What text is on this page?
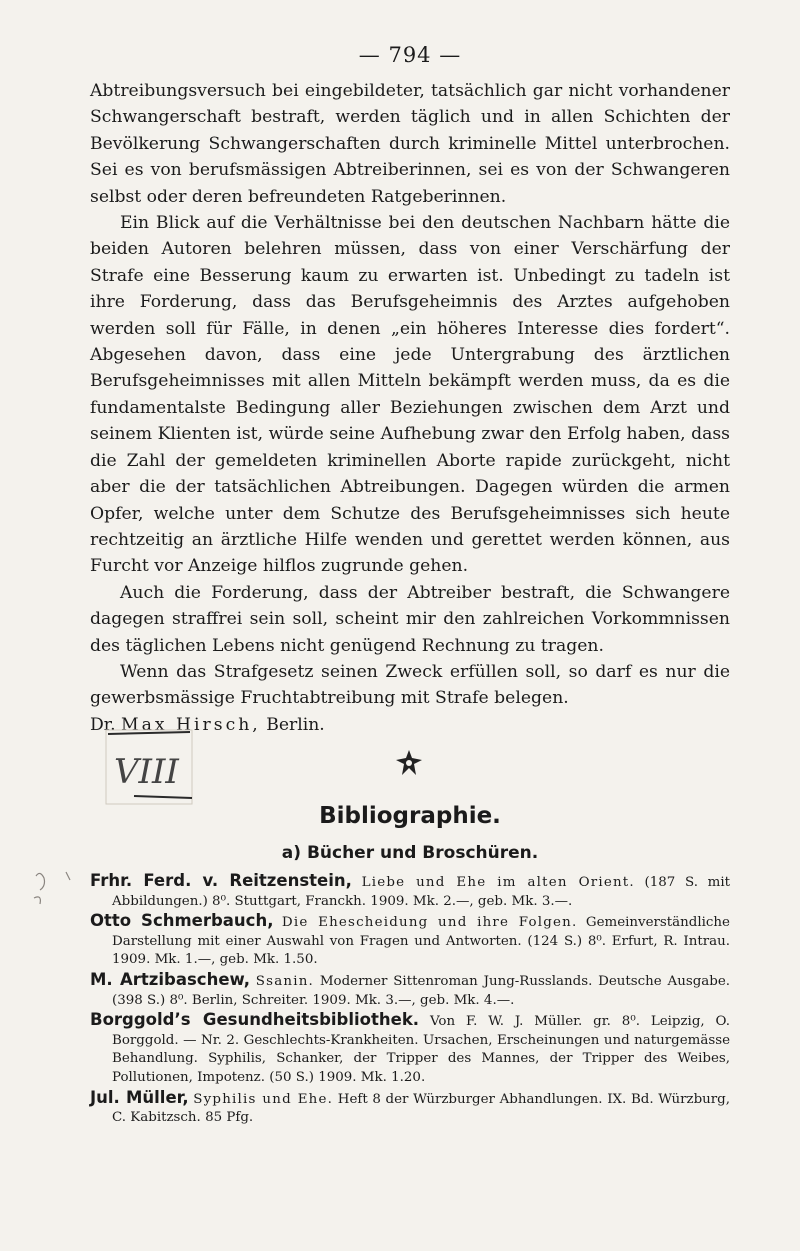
— 794 —

Abtreibungsversuch bei eingebildeter, tatsächlich gar nicht vorhandener Schwangerschaft bestraft, werden täglich und in allen Schichten der Bevölkerung Schwangerschaften durch kriminelle Mittel unterbrochen. Sei es von berufsmässigen Abtreiberinnen, sei es von der Schwangeren selbst oder deren befreundeten Ratgeberinnen.

Ein Blick auf die Verhältnisse bei den deutschen Nachbarn hätte die beiden Autoren belehren müssen, dass von einer Verschärfung der Strafe eine Besserung kaum zu erwarten ist. Unbedingt zu tadeln ist ihre Forderung, dass das Berufsgeheimnis des Arztes aufgehoben werden soll für Fälle, in denen „ein höheres Interesse dies fordert“. Abgesehen davon, dass eine jede Untergrabung des ärztlichen Berufsgeheimnisses mit allen Mitteln bekämpft werden muss, da es die fundamentalste Bedingung aller Beziehungen zwischen dem Arzt und seinem Klienten ist, würde seine Aufhebung zwar den Erfolg haben, dass die Zahl der gemeldeten kriminellen Aborte rapide zurückgeht, nicht aber die der tatsächlichen Abtreibungen. Dagegen würden die armen Opfer, welche unter dem Schutze des Berufsgeheimnisses sich heute rechtzeitig an ärztliche Hilfe wenden und gerettet werden können, aus Furcht vor Anzeige hilflos zugrunde gehen.

Auch die Forderung, dass der Abtreiber bestraft, die Schwangere dagegen straffrei sein soll, scheint mir den zahlreichen Vorkommnissen des täglichen Lebens nicht genügend Rechnung zu tragen.

Wenn das Strafgesetz seinen Zweck erfüllen soll, so darf es nur die gewerbsmässige Fruchtabtreibung mit Strafe belegen.

Dr. Max Hirsch, Berlin.

VIII
Bibliographie.
a) Bücher und Broschüren.

Frhr. Ferd. v. Reitzenstein, Liebe und Ehe im alten Orient. (187 S. mit Abbildungen.) 8⁰. Stuttgart, Franckh. 1909. Mk. 2.—, geb. Mk. 3.—.

Otto Schmerbauch, Die Ehescheidung und ihre Folgen. Gemeinverständliche Darstellung mit einer Auswahl von Fragen und Antworten. (124 S.) 8⁰. Erfurt, R. Intrau. 1909. Mk. 1.—, geb. Mk. 1.50.

M. Artzibaschew, Ssanin. Moderner Sittenroman Jung-Russlands. Deutsche Ausgabe. (398 S.) 8⁰. Berlin, Schreiter. 1909. Mk. 3.—, geb. Mk. 4.—.

Borggold’s Gesundheitsbibliothek. Von F. W. J. Müller. gr. 8⁰. Leipzig, O. Borggold. — Nr. 2. Geschlechts-Krankheiten. Ursachen, Erscheinungen und naturgemässe Behandlung. Syphilis, Schanker, der Tripper des Mannes, der Tripper des Weibes, Pollutionen, Impotenz. (50 S.) 1909. Mk. 1.20.

Jul. Müller, Syphilis und Ehe. Heft 8 der Würzburger Abhandlungen. IX. Bd. Würzburg, C. Kabitzsch. 85 Pfg.
